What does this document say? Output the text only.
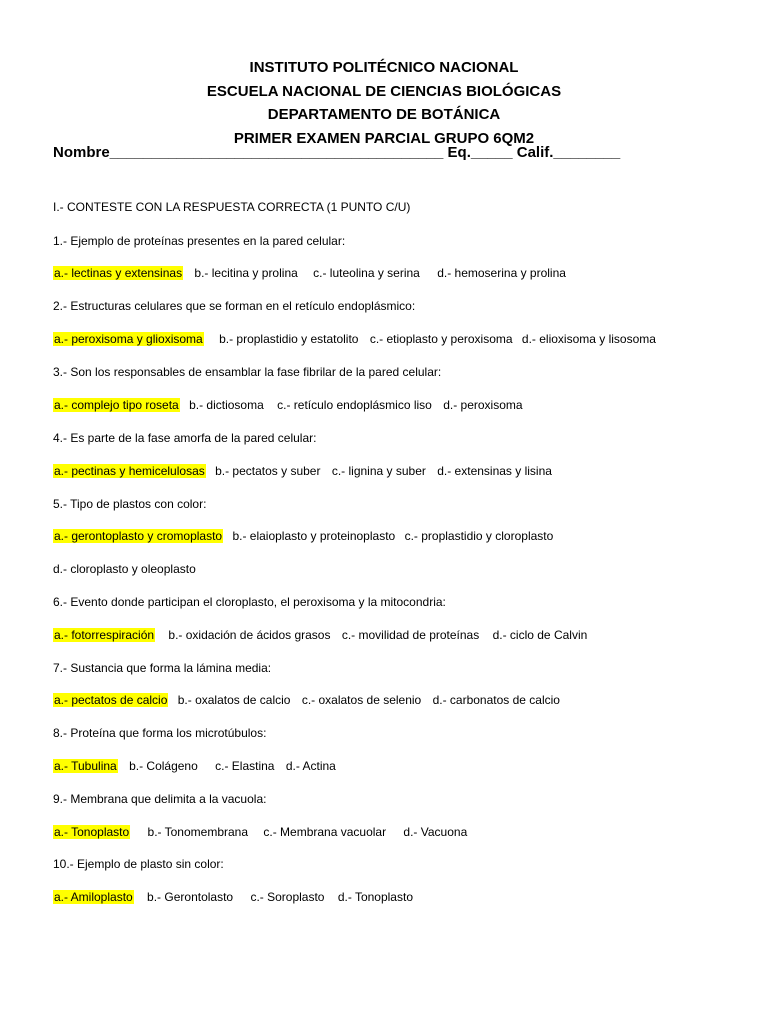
INSTITUTO POLITÉCNICO NACIONAL
ESCUELA NACIONAL DE CIENCIAS BIOLÓGICAS
DEPARTAMENTO DE BOTÁNICA
PRIMER EXAMEN PARCIAL GRUPO 6QM2
Nombre________________________________________ Eq._____ Calif.________
I.- CONTESTE CON LA RESPUESTA CORRECTA (1 PUNTO C/U)
1.- Ejemplo de proteínas presentes en la pared celular:
a.- lectinas y extensinas b.- lecitina y prolina c.- luteolina y serina d.- hemoserina y prolina
2.- Estructuras celulares que se forman en el retículo endoplásmico:
a.- peroxisoma y glioxisoma b.- proplastidio y estatolito c.- etioplasto y peroxisoma d.- elioxisoma y lisosoma
3.- Son los responsables de ensamblar la fase fibrilar de la pared celular:
a.- complejo tipo roseta b.- dictiosoma c.- retículo endoplásmico liso d.- peroxisoma
4.- Es parte de la fase amorfa de la pared celular:
a.- pectinas y hemicelulosas b.- pectatos y suber c.- lignina y suber d.- extensinas y lisina
5.- Tipo de plastos con color:
a.- gerontoplasto y cromoplasto b.- elaioplasto y proteinoplasto c.- proplastidio y cloroplasto
d.- cloroplasto y oleoplasto
6.- Evento donde participan el cloroplasto, el peroxisoma y la mitocondria:
a.- fotorrespiración b.- oxidación de ácidos grasos c.- movilidad de proteínas d.- ciclo de Calvin
7.- Sustancia que forma la lámina media:
a.- pectatos de calcio b.- oxalatos de calcio c.- oxalatos de selenio d.- carbonatos de calcio
8.- Proteína que forma los microtúbulos:
a.- Tubulina b.- Colágeno c.- Elastina d.- Actina
9.- Membrana que delimita a la vacuola:
a.- Tonoplasto b.- Tonomembrana c.- Membrana vacuolar d.- Vacuona
10.- Ejemplo de plasto sin color:
a.- Amiloplasto b.- Gerontolasto c.- Soroplasto d.- Tonoplasto
